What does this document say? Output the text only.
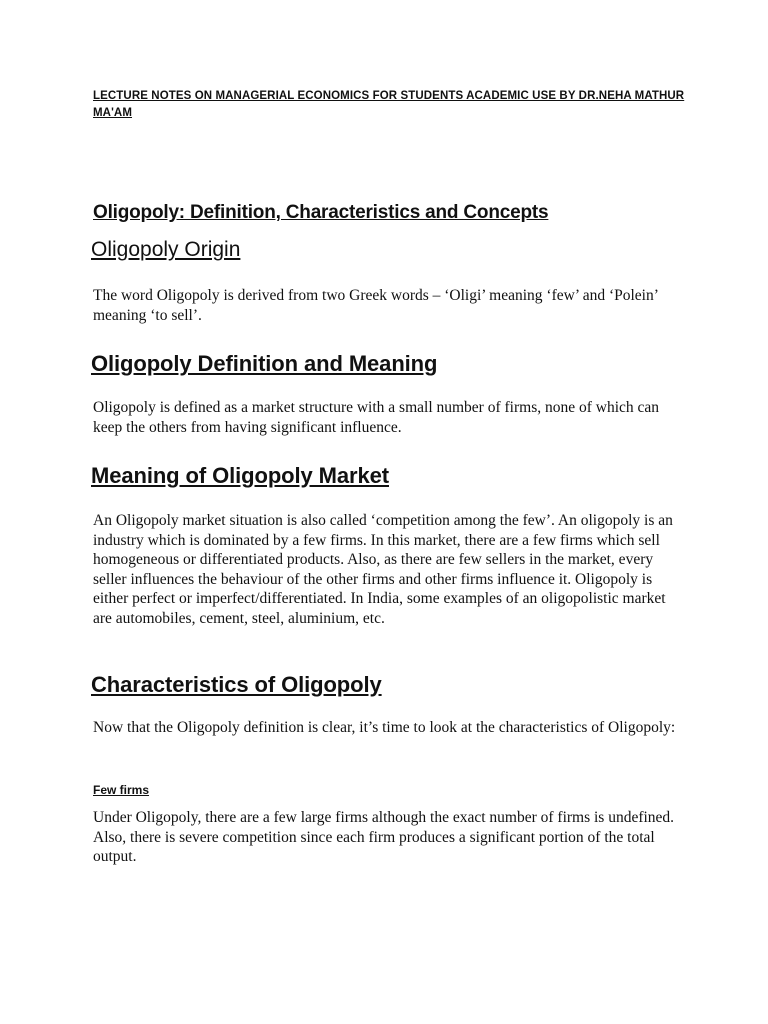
LECTURE NOTES ON MANAGERIAL ECONOMICS FOR STUDENTS ACADEMIC USE BY DR.NEHA MATHUR MA'AM
Oligopoly: Definition, Characteristics and Concepts
Oligopoly Origin
The word Oligopoly is derived from two Greek words – ‘Oligi’ meaning ‘few’ and ‘Polein’ meaning ‘to sell’.
Oligopoly Definition and Meaning
Oligopoly is defined as a market structure with a small number of firms, none of which can keep the others from having significant influence.
Meaning of Oligopoly Market
An Oligopoly market situation is also called ‘competition among the few’. An oligopoly is an industry which is dominated by a few firms. In this market, there are a few firms which sell homogeneous or differentiated products. Also, as there are few sellers in the market, every seller influences the behaviour of the other firms and other firms influence it. Oligopoly is either perfect or imperfect/differentiated. In India, some examples of an oligopolistic market are automobiles, cement, steel, aluminium, etc.
Characteristics of Oligopoly
Now that the Oligopoly definition is clear, it’s time to look at the characteristics of Oligopoly:
Few firms
Under Oligopoly, there are a few large firms although the exact number of firms is undefined. Also, there is severe competition since each firm produces a significant portion of the total output.
